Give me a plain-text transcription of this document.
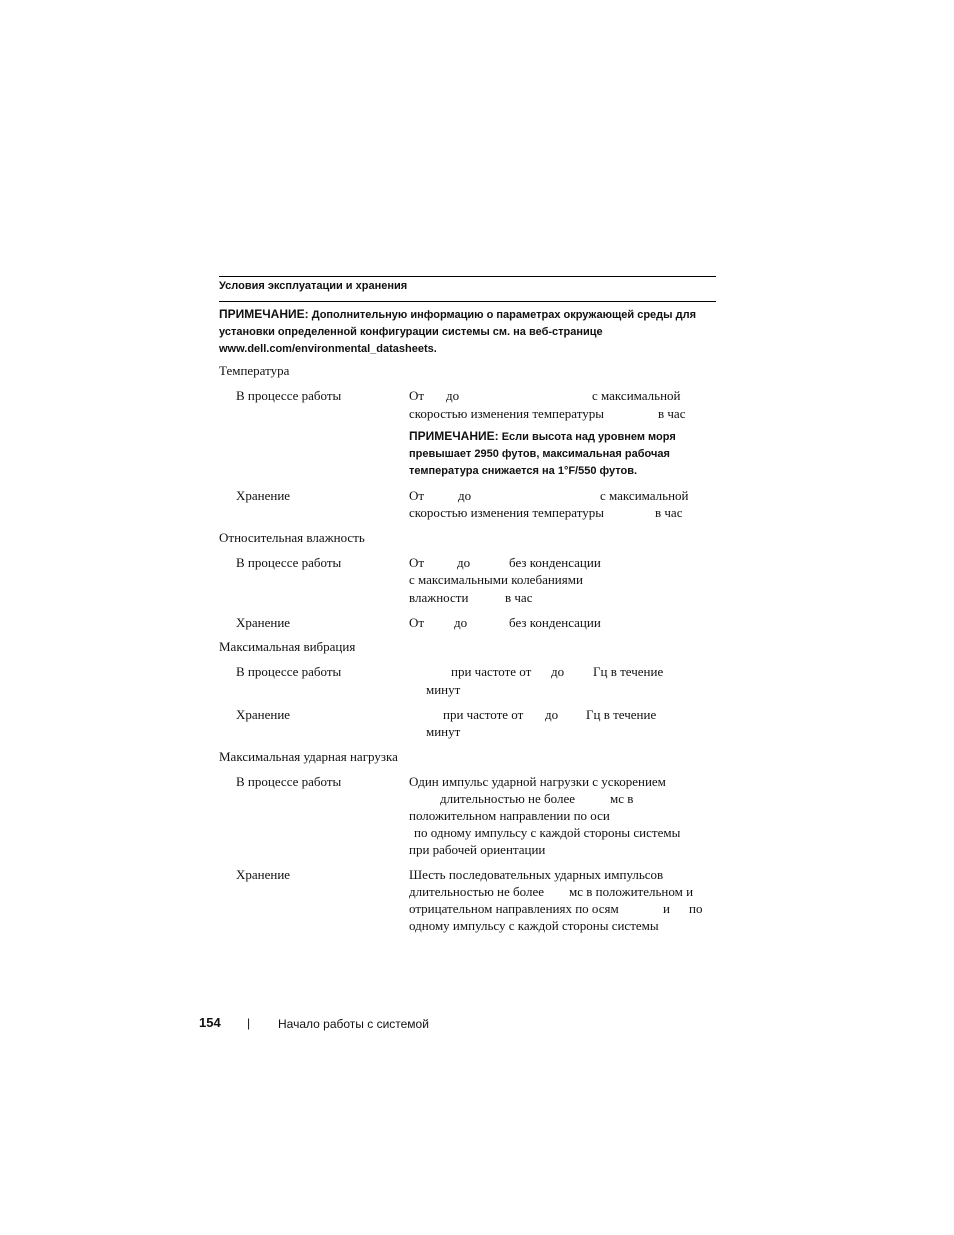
Условия эксплуатации и хранения
ПРИМЕЧАНИЕ: Дополнительную информацию о параметрах окружающей среды для установки определенной конфигурации системы см. на веб-странице www.dell.com/environmental_datasheets.
Температура
В процессе работы	От до	с максимальной
скоростью изменения температуры	в час
ПРИМЕЧАНИЕ: Если высота над уровнем моря превышает 2950 футов, максимальная рабочая температура снижается на 1°F/550 футов.
Хранение	От	до	с максимальной
скоростью изменения температуры	в час
Относительная влажность
В процессе работы	От	до	без конденсации
с максимальными колебаниями
влажности	в час
Хранение	От до	без конденсации
Максимальная вибрация
В процессе работы	при частоте от до Гц в течение
минут
Хранение	при частоте от до Гц в течение
минут
Максимальная ударная нагрузка
В процессе работы	Один импульс ударной нагрузки с ускорением
длительностью не более	мс в
положительном направлении по оси
по одному импульсу с каждой стороны системы
при рабочей ориентации
Хранение	Шесть последовательных ударных импульсов
длительностью не более мс в положительном и
отрицательном направлениях по осям	и по
одному импульсу с каждой стороны системы
154 | Начало работы с системой
